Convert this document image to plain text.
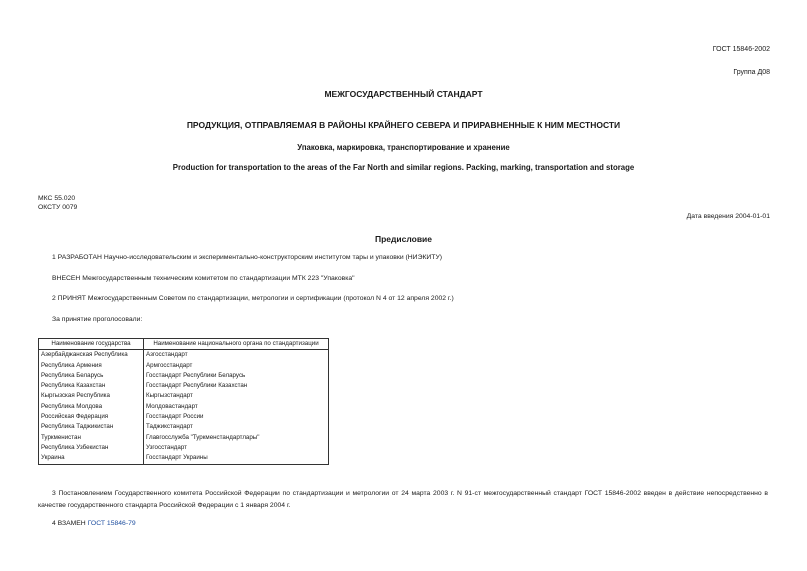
ГОСТ 15846-2002
Группа Д08
МЕЖГОСУДАРСТВЕННЫЙ СТАНДАРТ
ПРОДУКЦИЯ, ОТПРАВЛЯЕМАЯ В РАЙОНЫ КРАЙНЕГО СЕВЕРА И ПРИРАВНЕННЫЕ К НИМ МЕСТНОСТИ
Упаковка, маркировка, транспортирование и хранение
Production for transportation to the areas of the Far North and similar regions. Packing, marking, transportation and storage
МКС 55.020
ОКСТУ 0079
Дата введения 2004-01-01
Предисловие
1 РАЗРАБОТАН Научно-исследовательским и экспериментально-конструкторским институтом тары и упаковки (НИЭКИТУ)
ВНЕСЕН Межгосударственным техническим комитетом по стандартизации МТК 223 "Упаковка"
2 ПРИНЯТ Межгосударственным Советом по стандартизации, метрологии и сертификации (протокол N 4 от 12 апреля 2002 г.)
За принятие проголосовали:
Наименование государства	Наименование национального органа по стандартизации
Азербайджанская Республика	Азгосстандарт
Республика Армения	Армгосстандарт
Республика Беларусь	Госстандарт Республики Беларусь
Республика Казахстан	Госстандарт Республики Казахстан
Кыргызская Республика	Кыргызстандарт
Республика Молдова	Молдовастандарт
Российская Федерация	Госстандарт России
Республика Таджикистан	Таджикстандарт
Туркменистан	Главгосслужба "Туркменстандартлары"
Республика Узбекистан	Узгосстандарт
Украина	Госстандарт Украины
3 Постановлением Государственного комитета Российской Федерации по стандартизации и метрологии от 24 марта 2003 г. N 91-ст межгосударственный стандарт ГОСТ 15846-2002 введен в действие непосредственно в качестве государственного стандарта Российской Федерации с 1 января 2004 г.
4 ВЗАМЕН ГОСТ 15846-79
